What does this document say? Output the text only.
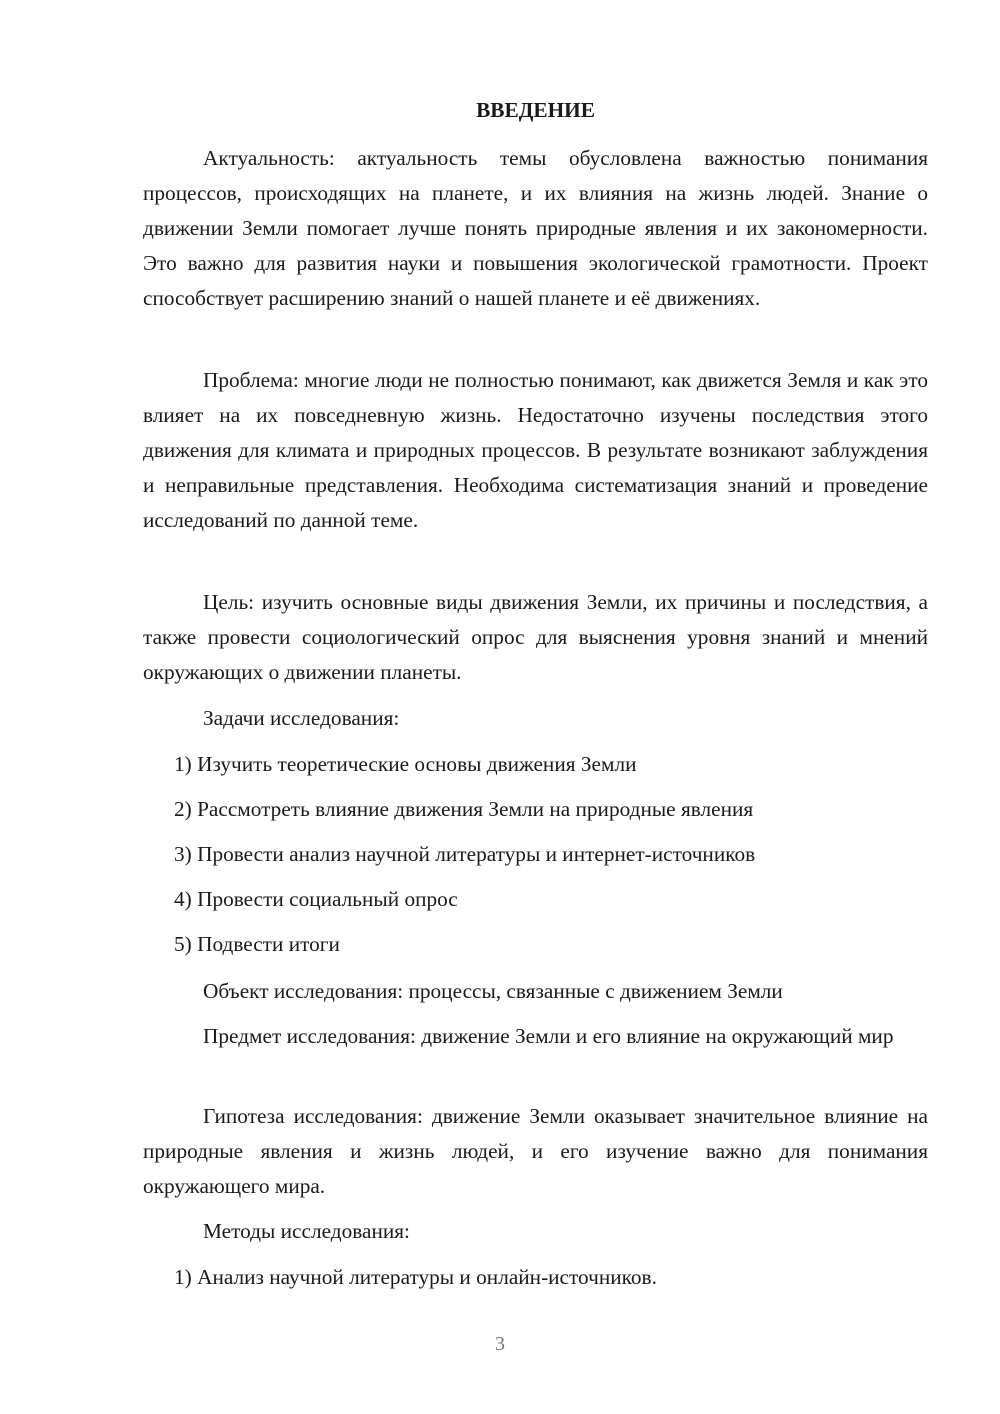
ВВЕДЕНИЕ
Актуальность: актуальность темы обусловлена важностью понимания процессов, происходящих на планете, и их влияния на жизнь людей. Знание о движении Земли помогает лучше понять природные явления и их закономерности. Это важно для развития науки и повышения экологической грамотности. Проект способствует расширению знаний о нашей планете и её движениях.
Проблема: многие люди не полностью понимают, как движется Земля и как это влияет на их повседневную жизнь. Недостаточно изучены последствия этого движения для климата и природных процессов. В результате возникают заблуждения и неправильные представления. Необходима систематизация знаний и проведение исследований по данной теме.
Цель: изучить основные виды движения Земли, их причины и последствия, а также провести социологический опрос для выяснения уровня знаний и мнений окружающих о движении планеты.
Задачи исследования:
1) Изучить теоретические основы движения Земли
2) Рассмотреть влияние движения Земли на природные явления
3) Провести анализ научной литературы и интернет-источников
4) Провести социальный опрос
5) Подвести итоги
Объект исследования: процессы, связанные с движением Земли
Предмет исследования: движение Земли и его влияние на окружающий мир
Гипотеза исследования: движение Земли оказывает значительное влияние на природные явления и жизнь людей, и его изучение важно для понимания окружающего мира.
Методы исследования:
1) Анализ научной литературы и онлайн-источников.
3
